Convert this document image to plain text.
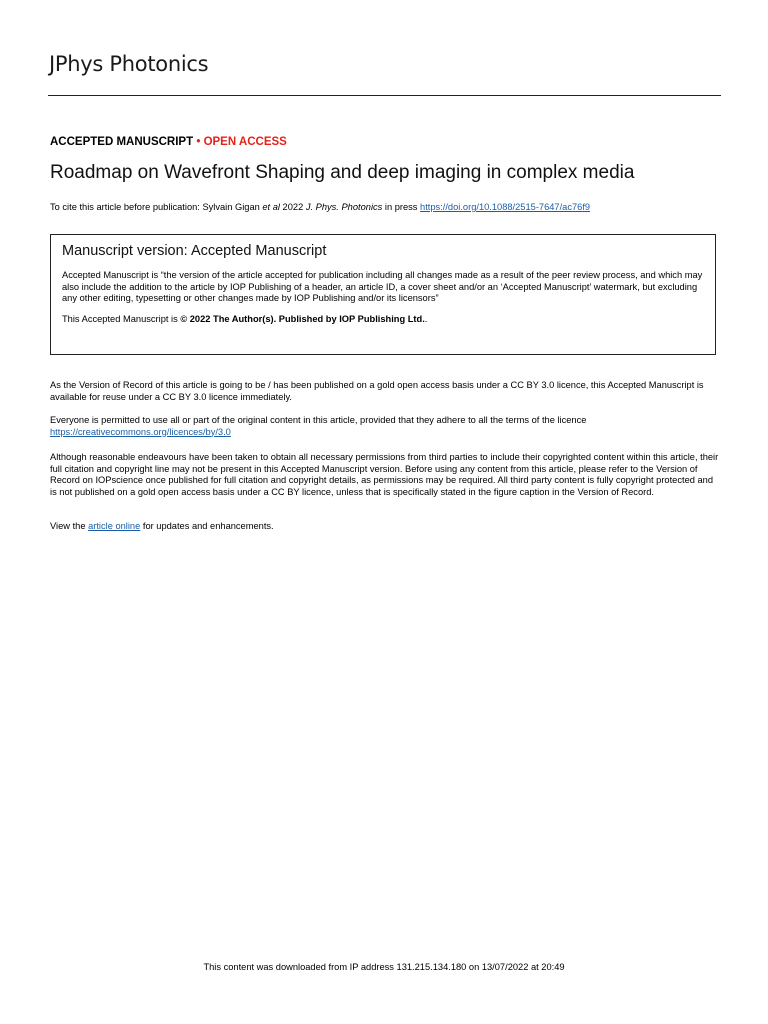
JPhys Photonics
ACCEPTED MANUSCRIPT • OPEN ACCESS
Roadmap on Wavefront Shaping and deep imaging in complex media
To cite this article before publication: Sylvain Gigan et al 2022 J. Phys. Photonics in press https://doi.org/10.1088/2515-7647/ac76f9
Manuscript version: Accepted Manuscript

Accepted Manuscript is “the version of the article accepted for publication including all changes made as a result of the peer review process, and which may also include the addition to the article by IOP Publishing of a header, an article ID, a cover sheet and/or an ‘Accepted Manuscript’ watermark, but excluding any other editing, typesetting or other changes made by IOP Publishing and/or its licensors”

This Accepted Manuscript is © 2022 The Author(s). Published by IOP Publishing Ltd..

As the Version of Record of this article is going to be / has been published on a gold open access basis under a CC BY 3.0 licence, this Accepted Manuscript is available for reuse under a CC BY 3.0 licence immediately.

Everyone is permitted to use all or part of the original content in this article, provided that they adhere to all the terms of the licence
https://creativecommons.org/licences/by/3.0

Although reasonable endeavours have been taken to obtain all necessary permissions from third parties to include their copyrighted content within this article, their full citation and copyright line may not be present in this Accepted Manuscript version. Before using any content from this article, please refer to the Version of Record on IOPscience once published for full citation and copyright details, as permissions may be required. All third party content is fully copyright protected and is not published on a gold open access basis under a CC BY licence, unless that is specifically stated in the figure caption in the Version of Record.

View the article online for updates and enhancements.

This content was downloaded from IP address 131.215.134.180 on 13/07/2022 at 20:49
